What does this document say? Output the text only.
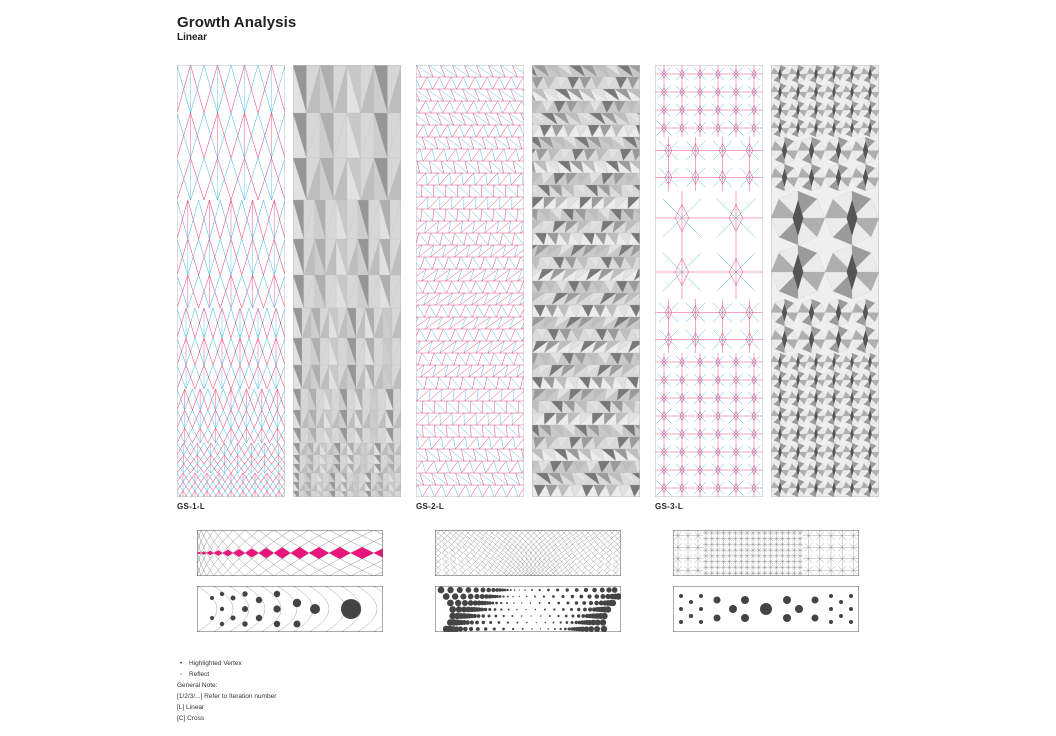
Growth Analysis
Linear
GS-1-L	GS-2-L	GS-3-L
•	Highlighted Vertex
◦	Reflect
General Note:
[1/2/3/...] Refer to Iteration number
[L] Linear
[C] Cross
